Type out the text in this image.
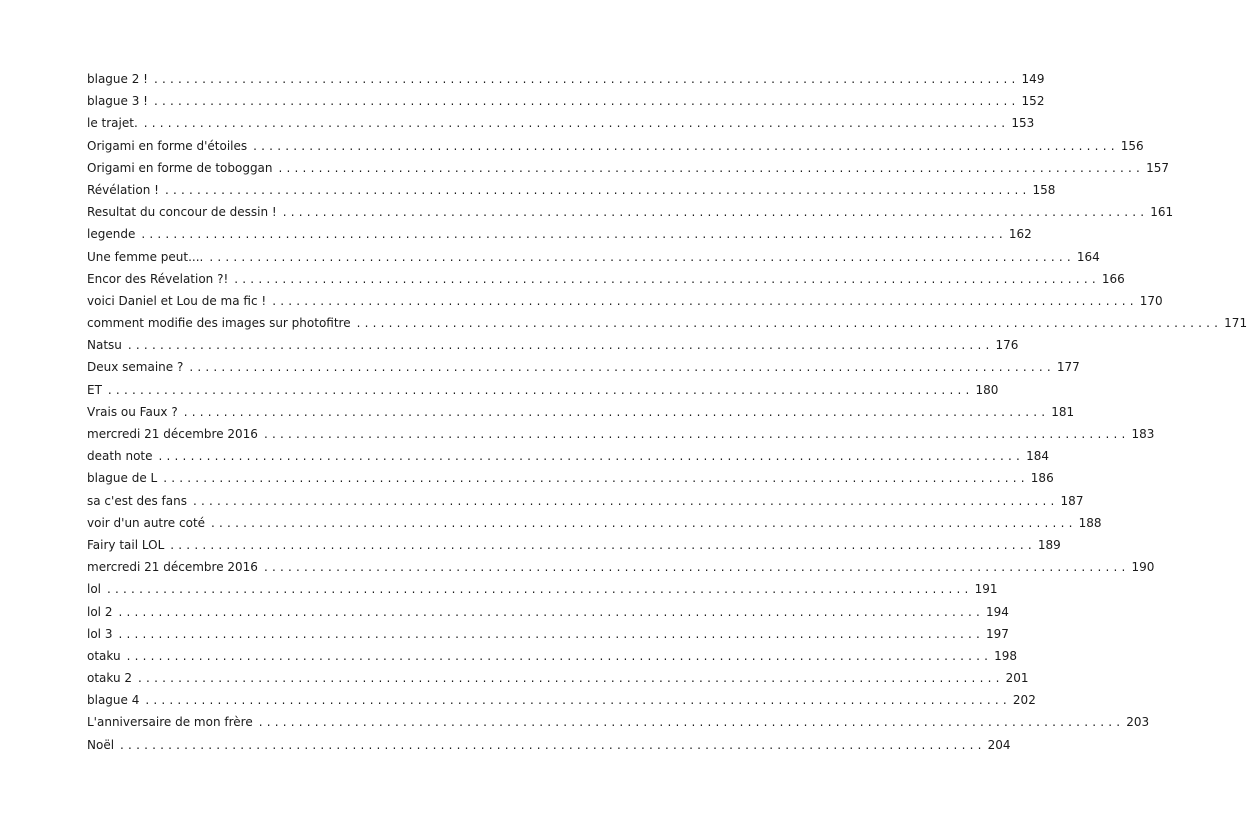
blague 2 ! ............................................................................................................ 149
blague 3 ! ............................................................................................................ 152
le trajet. ............................................................................................................ 153
Origami en forme d'étoiles ............................................................................................................ 156
Origami en forme de toboggan ............................................................................................................ 157
Révélation ! ............................................................................................................ 158
Resultat du concour de dessin ! ............................................................................................................ 161
legende ............................................................................................................ 162
Une femme peut.... ............................................................................................................ 164
Encor des Révelation ?! ............................................................................................................ 166
voici Daniel et Lou de ma fic ! ............................................................................................................ 170
comment modifie des images sur photofitre ............................................................................................................ 171
Natsu ............................................................................................................ 176
Deux semaine ? ............................................................................................................ 177
ET ............................................................................................................ 180
Vrais ou Faux ? ............................................................................................................ 181
mercredi 21 décembre 2016 ............................................................................................................ 183
death note ............................................................................................................ 184
blague de L ............................................................................................................ 186
sa c'est des fans ............................................................................................................ 187
voir d'un autre coté ............................................................................................................ 188
Fairy tail LOL ............................................................................................................ 189
mercredi 21 décembre 2016 ............................................................................................................ 190
lol ............................................................................................................ 191
lol 2 ............................................................................................................ 194
lol 3 ............................................................................................................ 197
otaku ............................................................................................................ 198
otaku 2 ............................................................................................................ 201
blague 4 ............................................................................................................ 202
L'anniversaire de mon frère ............................................................................................................ 203
Noël ............................................................................................................ 204
